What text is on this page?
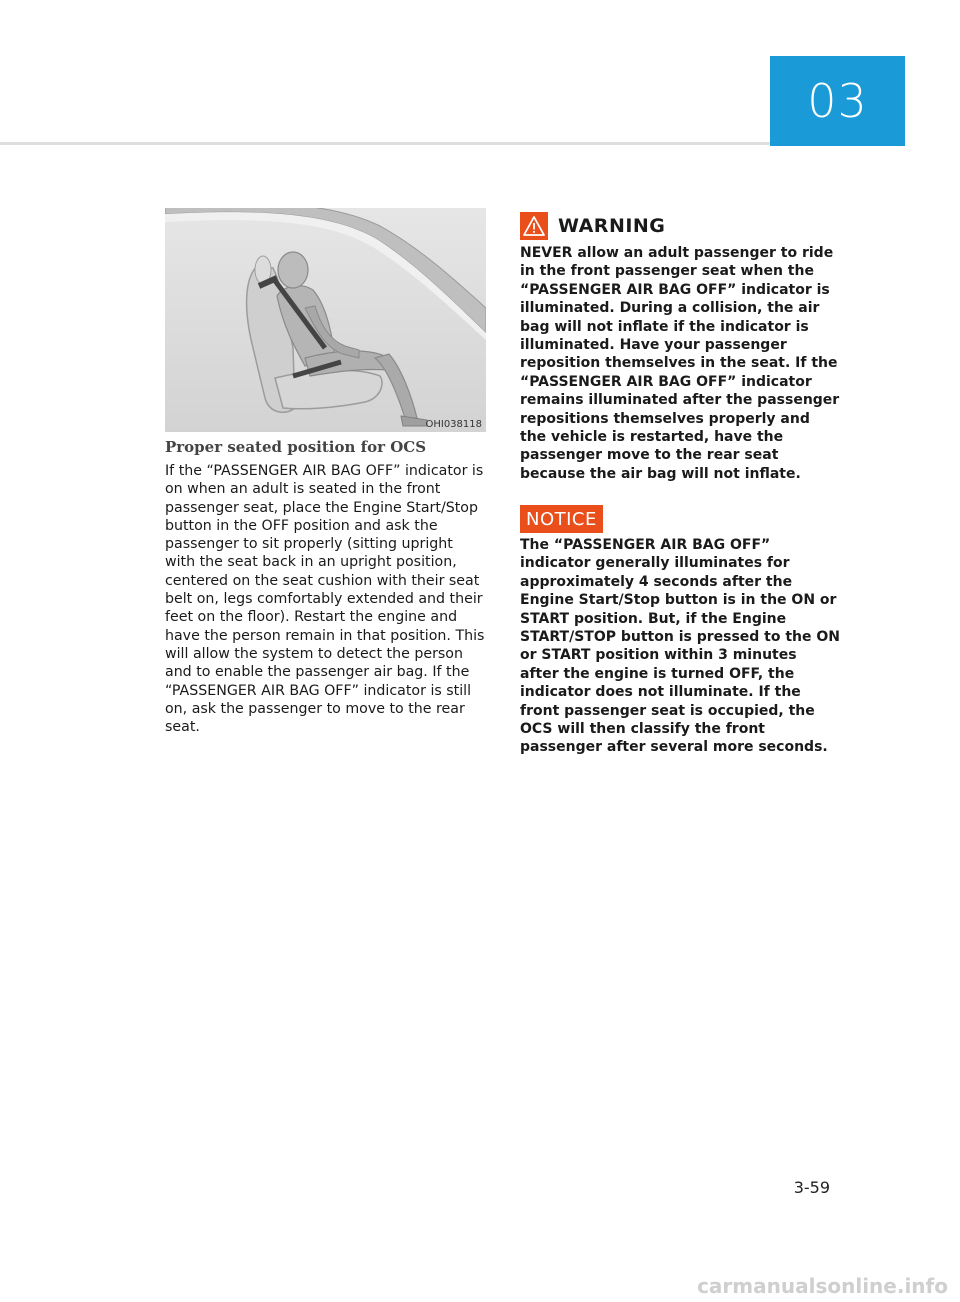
03
OHI038118
Proper seated position for OCS

If the “PASSENGER AIR BAG OFF” indicator is on when an adult is seated in the front passenger seat, place the Engine Start/Stop button in the OFF position and ask the passenger to sit properly (sitting upright with the seat back in an upright position, centered on the seat cushion with their seat belt on, legs comfortably extended and their feet on the floor). Restart the engine and have the person remain in that position. This will allow the system to detect the person and to enable the passenger air bag. If the “PASSENGER AIR BAG OFF” indicator is still on, ask the passenger to move to the rear seat.

WARNING

NEVER allow an adult passenger to ride in the front passenger seat when the “PASSENGER AIR BAG OFF” indicator is illuminated. During a collision, the air bag will not inflate if the indicator is illuminated. Have your passenger reposition themselves in the seat. If the “PASSENGER AIR BAG OFF” indicator remains illuminated after the passenger repositions themselves properly and the vehicle is restarted, have the passenger move to the rear seat because the air bag will not inflate.

NOTICE

The “PASSENGER AIR BAG OFF” indicator generally illuminates for approximately 4 seconds after the Engine Start/Stop button is in the ON or START position. But, if the Engine START/STOP button is pressed to the ON or START position within 3 minutes after the engine is turned OFF, the indicator does not illuminate. If the front passenger seat is occupied, the OCS will then classify the front passenger after several more seconds.

3-59
carmanualsonline.info
